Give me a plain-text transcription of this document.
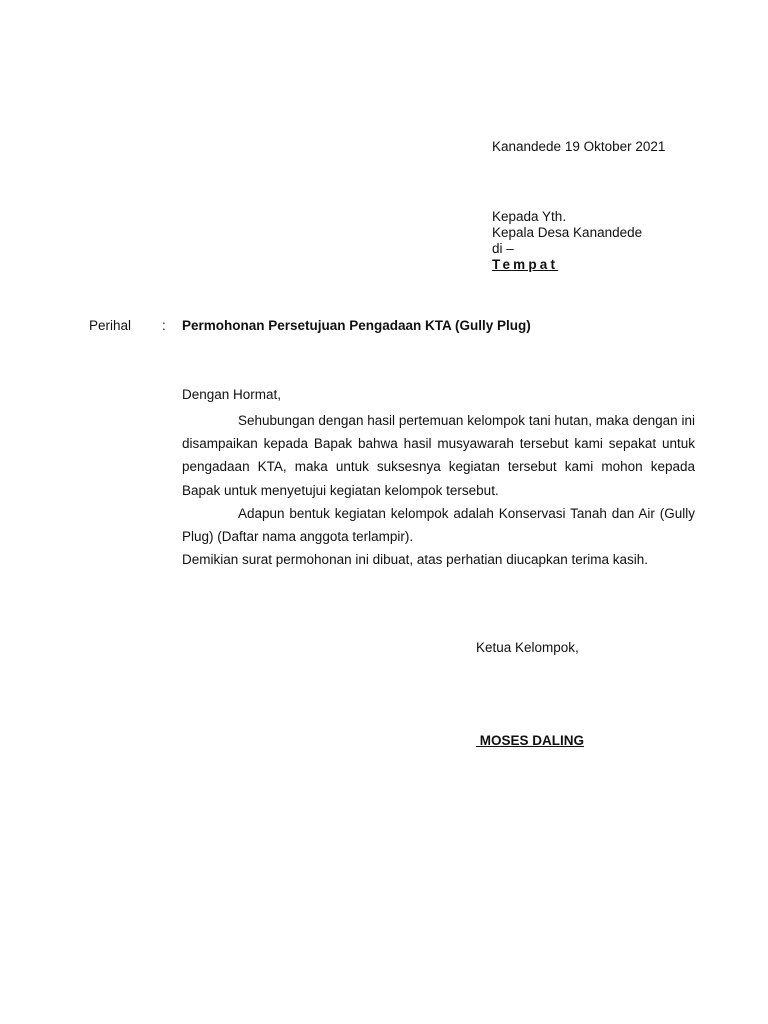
Kanandede 19 Oktober 2021
Kepada Yth.
Kepala Desa Kanandede
di –
Tempat
Perihal : Permohonan Persetujuan Pengadaan KTA (Gully Plug)
Dengan Hormat,

Sehubungan dengan hasil pertemuan kelompok tani hutan, maka dengan ini disampaikan kepada Bapak bahwa hasil musyawarah tersebut kami sepakat untuk pengadaan KTA, maka untuk suksesnya kegiatan tersebut kami mohon kepada Bapak untuk menyetujui kegiatan kelompok tersebut.

Adapun bentuk kegiatan kelompok adalah Konservasi Tanah dan Air (Gully Plug) (Daftar nama anggota terlampir).

Demikian surat permohonan ini dibuat, atas perhatian diucapkan terima kasih.

Ketua Kelompok,
MOSES DALING
